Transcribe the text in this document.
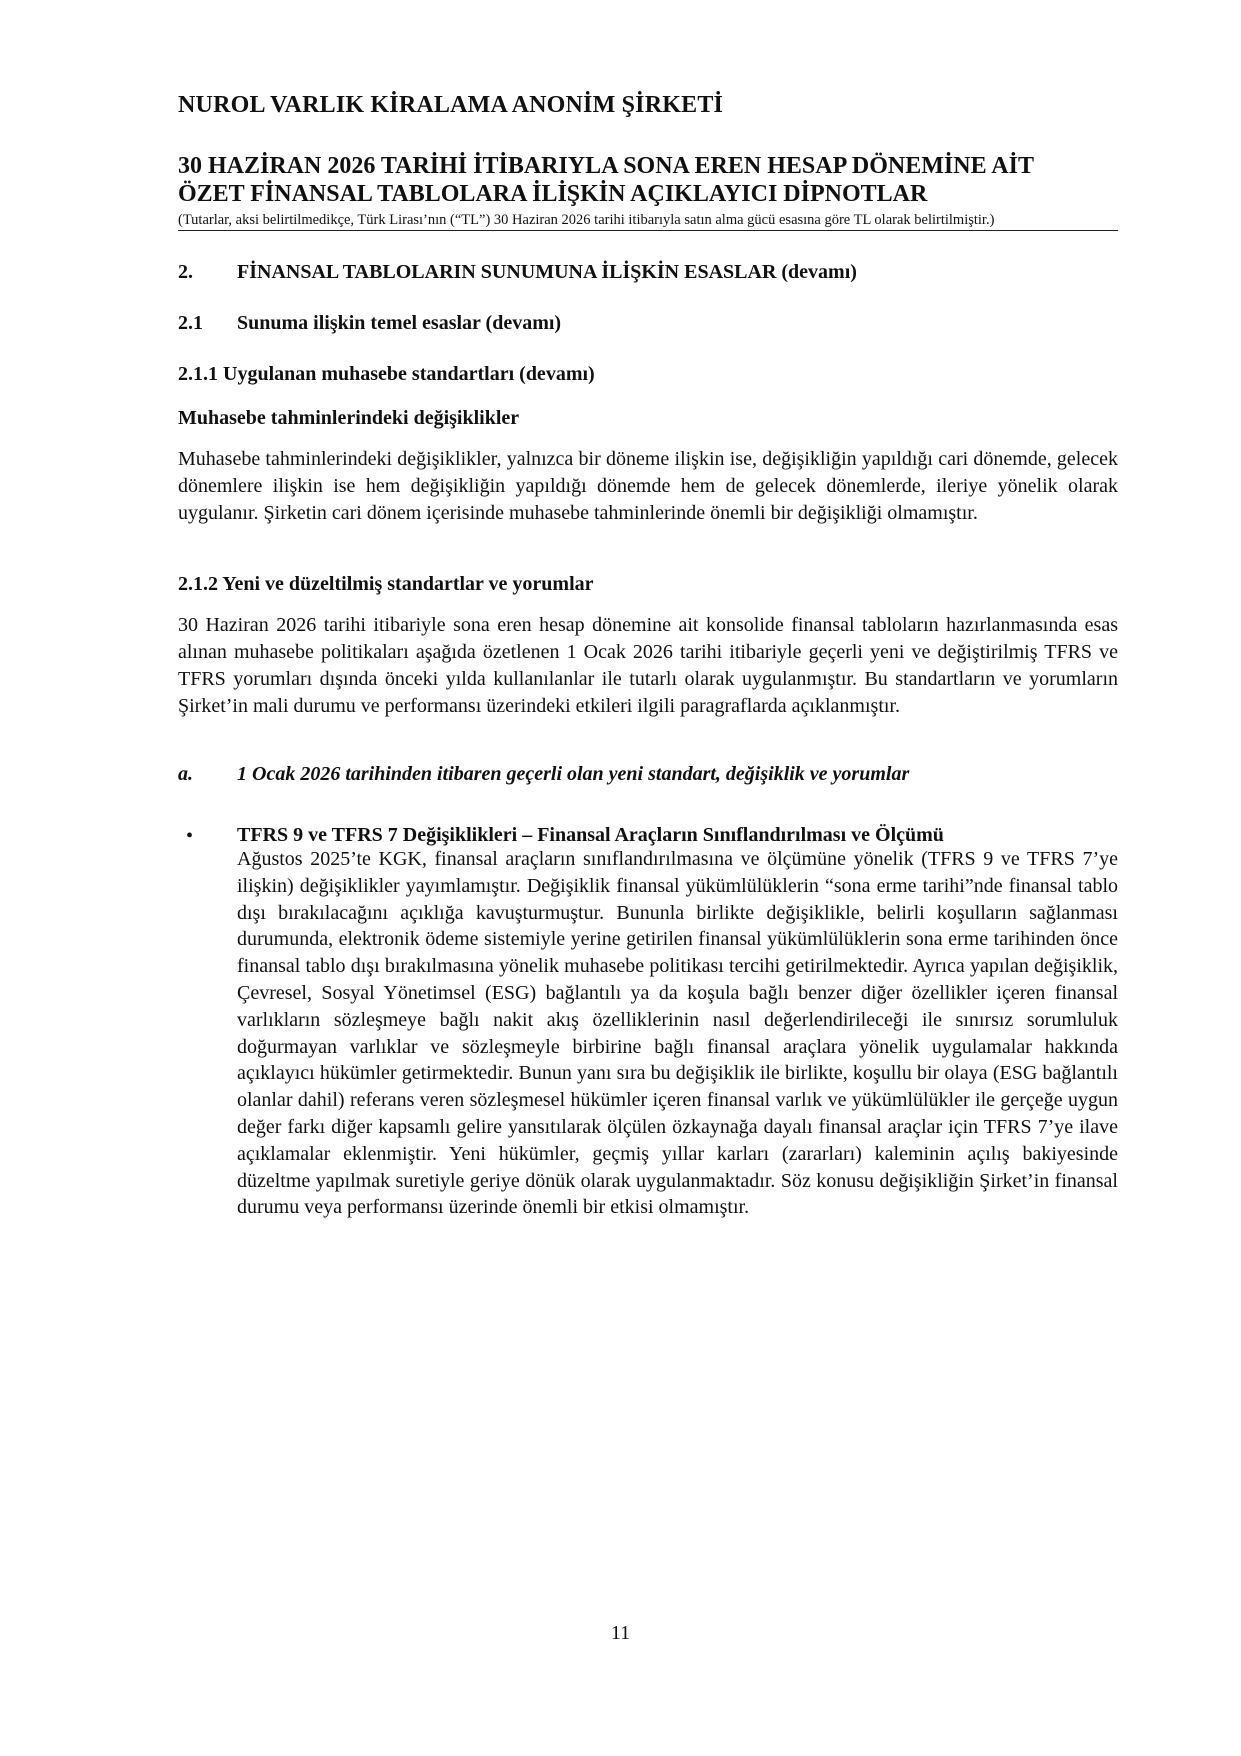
NUROL VARLIK KİRALAMA ANONİM ŞİRKETİ
30 HAZİRAN 2026 TARİHİ İTİBARIYLA SONA EREN HESAP DÖNEMİNE AİT
ÖZET FİNANSAL TABLOLARA İLİŞKİN AÇIKLAYICI DİPNOTLAR
(Tutarlar, aksi belirtilmedikçe, Türk Lirası’nın (“TL”) 30 Haziran 2026 tarihi itibarıyla satın alma gücü esasına göre TL olarak belirtilmiştir.)
2. FİNANSAL TABLOLARIN SUNUMUNA İLİŞKİN ESASLAR (devamı)
2.1 Sunuma ilişkin temel esaslar (devamı)
2.1.1 Uygulanan muhasebe standartları (devamı)
Muhasebe tahminlerindeki değişiklikler

Muhasebe tahminlerindeki değişiklikler, yalnızca bir döneme ilişkin ise, değişikliğin yapıldığı cari dönemde, gelecek dönemlere ilişkin ise hem değişikliğin yapıldığı dönemde hem de gelecek dönemlerde, ileriye yönelik olarak uygulanır. Şirketin cari dönem içerisinde muhasebe tahminlerinde önemli bir değişikliği olmamıştır.

2.1.2 Yeni ve düzeltilmiş standartlar ve yorumlar

30 Haziran 2026 tarihi itibariyle sona eren hesap dönemine ait konsolide finansal tabloların hazırlanmasında esas alınan muhasebe politikaları aşağıda özetlenen 1 Ocak 2026 tarihi itibariyle geçerli yeni ve değiştirilmiş TFRS ve TFRS yorumları dışında önceki yılda kullanılanlar ile tutarlı olarak uygulanmıştır. Bu standartların ve yorumların Şirket’in mali durumu ve performansı üzerindeki etkileri ilgili paragraflarda açıklanmıştır.

a. 1 Ocak 2026 tarihinden itibaren geçerli olan yeni standart, değişiklik ve yorumlar
• TFRS 9 ve TFRS 7 Değişiklikleri – Finansal Araçların Sınıflandırılması ve Ölçümü
Ağustos 2025’te KGK, finansal araçların sınıflandırılmasına ve ölçümüne yönelik (TFRS 9 ve TFRS 7’ye ilişkin) değişiklikler yayımlamıştır. Değişiklik finansal yükümlülüklerin “sona erme tarihi”nde finansal tablo dışı bırakılacağını açıklığa kavuşturmuştur. Bununla birlikte değişiklikle, belirli koşulların sağlanması durumunda, elektronik ödeme sistemiyle yerine getirilen finansal yükümlülüklerin sona erme tarihinden önce finansal tablo dışı bırakılmasına yönelik muhasebe politikası tercihi getirilmektedir. Ayrıca yapılan değişiklik, Çevresel, Sosyal Yönetimsel (ESG) bağlantılı ya da koşula bağlı benzer diğer özellikler içeren finansal varlıkların sözleşmeye bağlı nakit akış özelliklerinin nasıl değerlendirileceği ile sınırsız sorumluluk doğurmayan varlıklar ve sözleşmeyle birbirine bağlı finansal araçlara yönelik uygulamalar hakkında açıklayıcı hükümler getirmektedir. Bunun yanı sıra bu değişiklik ile birlikte, koşullu bir olaya (ESG bağlantılı olanlar dahil) referans veren sözleşmesel hükümler içeren finansal varlık ve yükümlülükler ile gerçeğe uygun değer farkı diğer kapsamlı gelire yansıtılarak ölçülen özkaynağa dayalı finansal araçlar için TFRS 7’ye ilave açıklamalar eklenmiştir. Yeni hükümler, geçmiş yıllar karları (zararları) kaleminin açılış bakiyesinde düzeltme yapılmak suretiyle geriye dönük olarak uygulanmaktadır. Söz konusu değişikliğin Şirket’in finansal durumu veya performansı üzerinde önemli bir etkisi olmamıştır.
11
